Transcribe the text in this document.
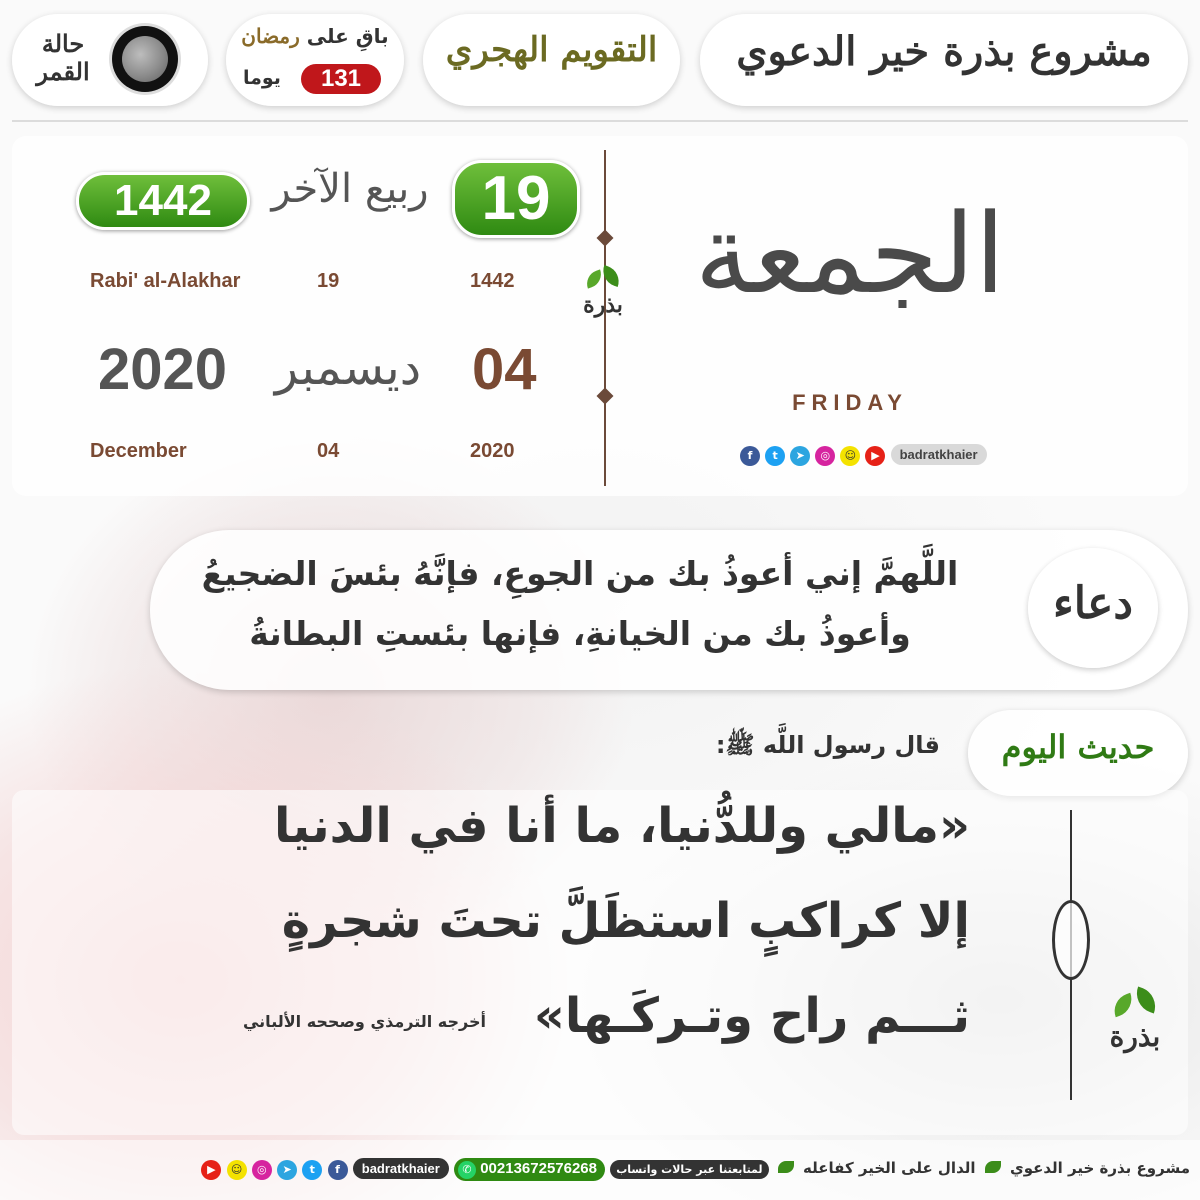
مشروع بذرة خير الدعوي
التقويم الهجري
باقِ على رمضان
يوما	131
حالة القمر
19
ربيع الآخر
1442
Rabi' al-Alakhar	19	1442
04
ديسمبر
2020
December	04	2020
بذرة الجمعة
FRIDAY
f t ➤ ◎ ☺ ▶ badratkhaier
دعاء
اللَّهمَّ إني أعوذُ بك من الجوعِ، فإنَّهُ بئسَ الضجيعُ
وأعوذُ بك من الخيانةِ، فإنها بئستِ البطانةُ
حديث اليوم
قال رسول اللَّه ﷺ:
«مالي وللدُّنيا، ما أنا في الدنيا
إلا كراكبٍ استظَلَّ تحتَ شجرةٍ
ثـــم راح وتـركَـها»
أخرجه الترمذي وصححه الألباني	بذرة
مشروع بذرة خير الدعوي  الدال على الخير كفاعله  لمتابعتنا عبر حالات واتساب ✆ 00213672576268 badratkhaier ▶ ☺ ◎ ➤ t f
